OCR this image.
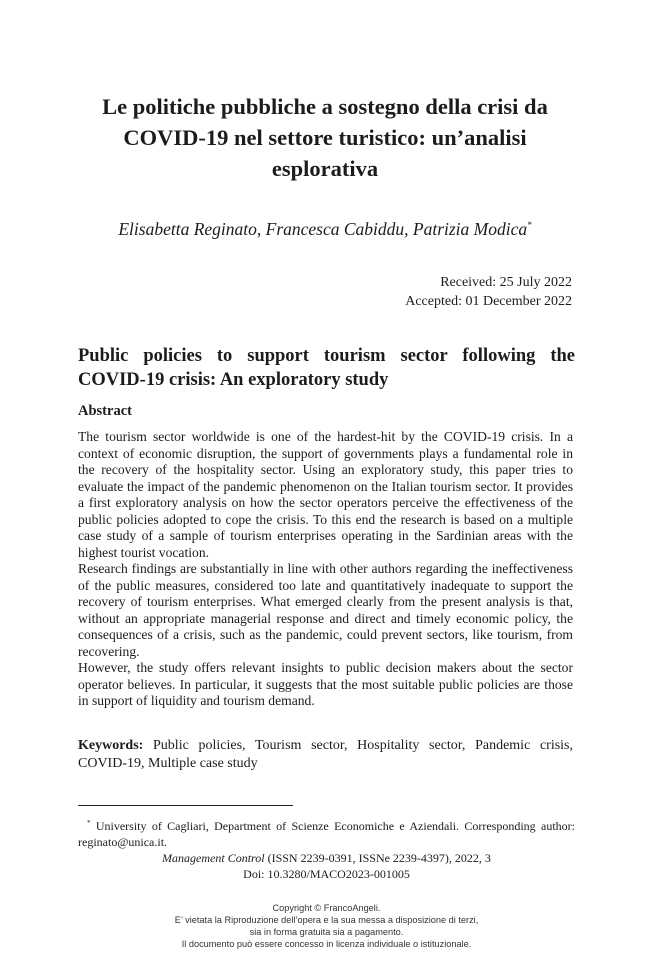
Le politiche pubbliche a sostegno della crisi da
COVID-19 nel settore turistico: un’analisi
esplorativa
Elisabetta Reginato, Francesca Cabiddu, Patrizia Modica*
Received: 25 July 2022
Accepted: 01 December 2022
Public policies to support tourism sector following the COVID-19 crisis: An exploratory study
Abstract

The tourism sector worldwide is one of the hardest-hit by the COVID-19 crisis. In a context of economic disruption, the support of governments plays a fundamental role in the recovery of the hospitality sector. Using an exploratory study, this paper tries to evaluate the impact of the pandemic phenomenon on the Italian tourism sector. It provides a first exploratory analysis on how the sector operators perceive the effectiveness of the public policies adopted to cope the crisis. To this end the research is based on a multiple case study of a sample of tourism enterprises operating in the Sardinian areas with the highest tourist vocation.

Research findings are substantially in line with other authors regarding the ineffectiveness of the public measures, considered too late and quantitatively inadequate to support the recovery of tourism enterprises. What emerged clearly from the present analysis is that, without an appropriate managerial response and direct and timely economic policy, the consequences of a crisis, such as the pandemic, could prevent sectors, like tourism, from recovering.

However, the study offers relevant insights to public decision makers about the sector operator believes. In particular, it suggests that the most suitable public policies are those in support of liquidity and tourism demand.

Keywords: Public policies, Tourism sector, Hospitality sector, Pandemic crisis, COVID-19, Multiple case study
* University of Cagliari, Department of Scienze Economiche e Aziendali. Corresponding author: reginato@unica.it.
Management Control (ISSN 2239-0391, ISSNe 2239-4397), 2022, 3
Doi: 10.3280/MACO2023-001005
Copyright © FrancoAngeli.
E’ vietata la Riproduzione dell’opera e la sua messa a disposizione di terzi,
sia in forma gratuita sia a pagamento.
Il documento può essere concesso in licenza individuale o istituzionale.
